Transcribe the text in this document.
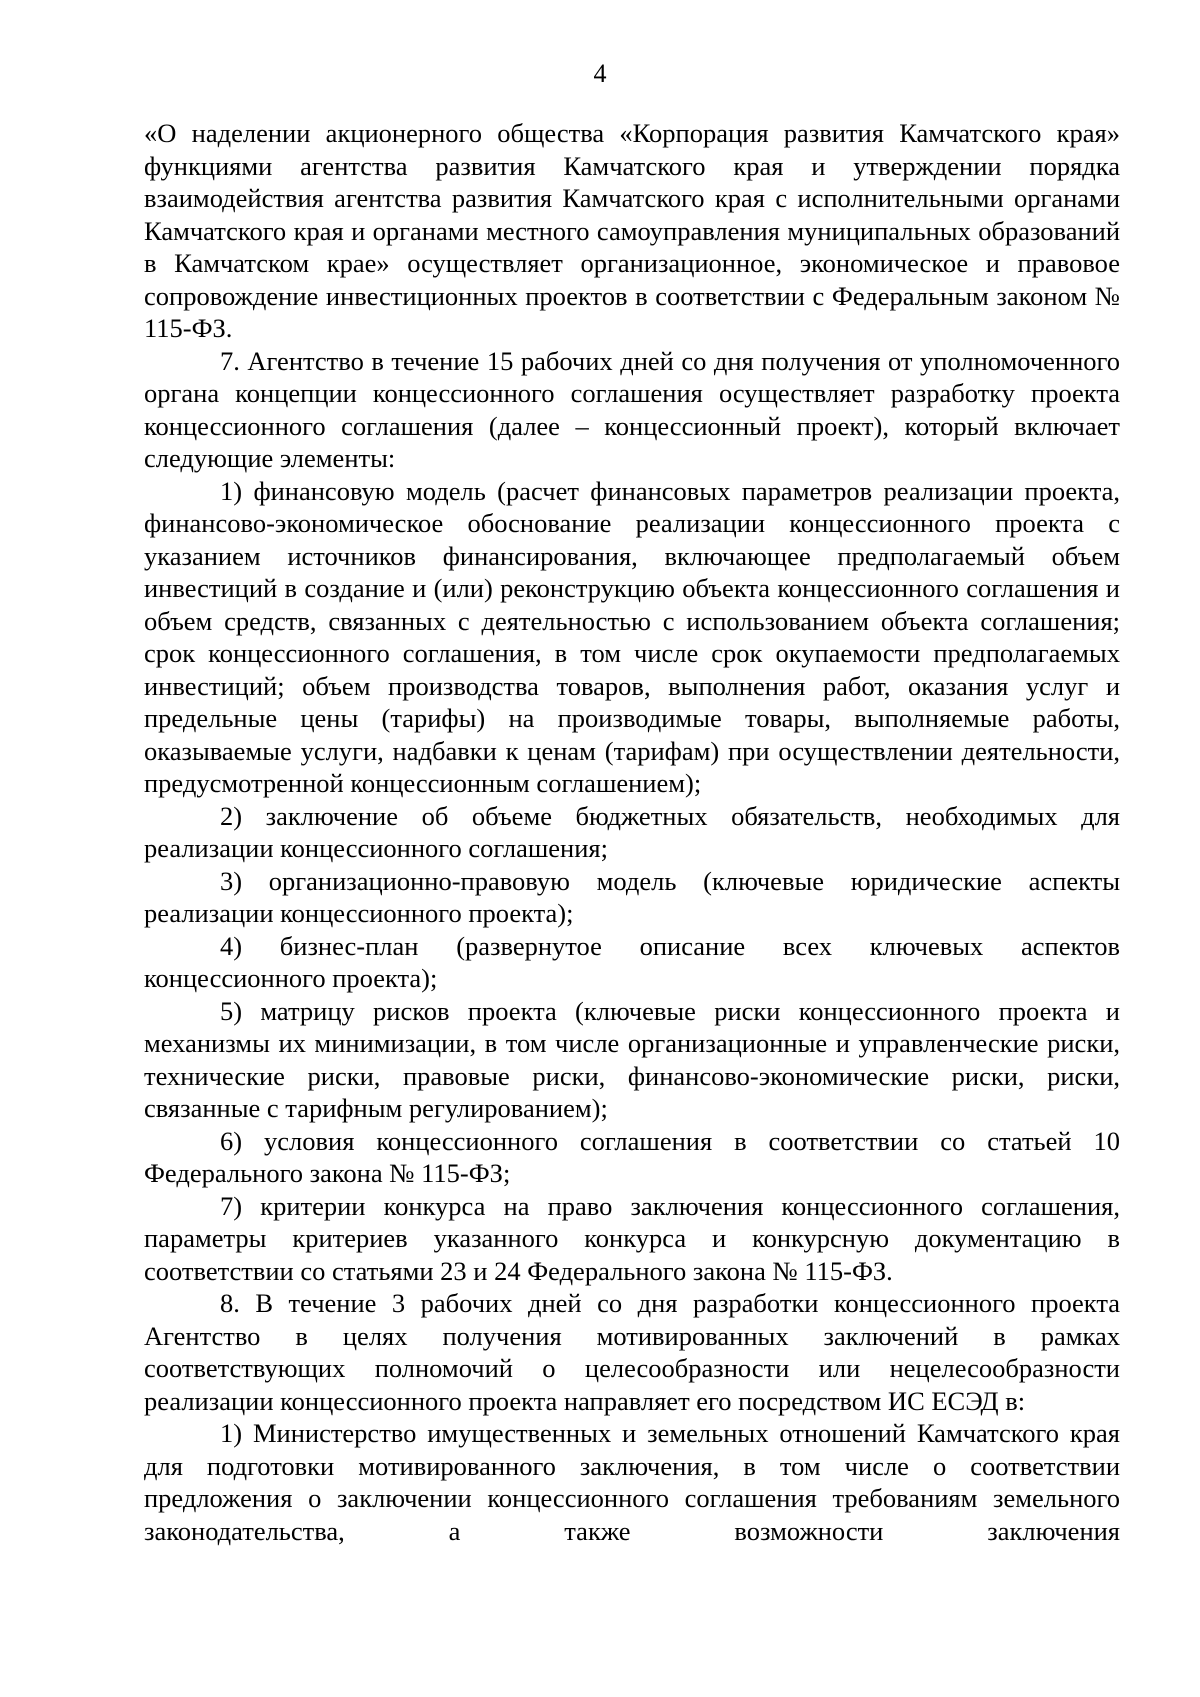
4

«О наделении акционерного общества «Корпорация развития Камчатского края» функциями агентства развития Камчатского края и утверждении порядка взаимодействия агентства развития Камчатского края с исполнительными органами Камчатского края и органами местного самоуправления муниципальных образований в Камчатском крае» осуществляет организационное, экономическое и правовое сопровождение инвестиционных проектов в соответствии с Федеральным законом № 115-ФЗ.

7. Агентство в течение 15 рабочих дней со дня получения от уполномоченного органа концепции концессионного соглашения осуществляет разработку проекта концессионного соглашения (далее – концессионный проект), который включает следующие элементы:

1) финансовую модель (расчет финансовых параметров реализации проекта, финансово-экономическое обоснование реализации концессионного проекта с указанием источников финансирования, включающее предполагаемый объем инвестиций в создание и (или) реконструкцию объекта концессионного соглашения и объем средств, связанных с деятельностью с использованием объекта соглашения; срок концессионного соглашения, в том числе срок окупаемости предполагаемых инвестиций; объем производства товаров, выполнения работ, оказания услуг и предельные цены (тарифы) на производимые товары, выполняемые работы, оказываемые услуги, надбавки к ценам (тарифам) при осуществлении деятельности, предусмотренной концессионным соглашением);

2) заключение об объеме бюджетных обязательств, необходимых для реализации концессионного соглашения;

3) организационно-правовую модель (ключевые юридические аспекты реализации концессионного проекта);

4) бизнес-план (развернутое описание всех ключевых аспектов концессионного проекта);

5) матрицу рисков проекта (ключевые риски концессионного проекта и механизмы их минимизации, в том числе организационные и управленческие риски, технические риски, правовые риски, финансово-экономические риски, риски, связанные с тарифным регулированием);

6) условия концессионного соглашения в соответствии со статьей 10 Федерального закона № 115-ФЗ;

7) критерии конкурса на право заключения концессионного соглашения, параметры критериев указанного конкурса и конкурсную документацию в соответствии со статьями 23 и 24 Федерального закона № 115-ФЗ.

8. В течение 3 рабочих дней со дня разработки концессионного проекта Агентство в целях получения мотивированных заключений в рамках соответствующих полномочий о целесообразности или нецелесообразности реализации концессионного проекта направляет его посредством ИС ЕСЭД в:

1) Министерство имущественных и земельных отношений Камчатского края для подготовки мотивированного заключения, в том числе о соответствии предложения о заключении концессионного соглашения требованиям земельного законодательства, а также возможности заключения
